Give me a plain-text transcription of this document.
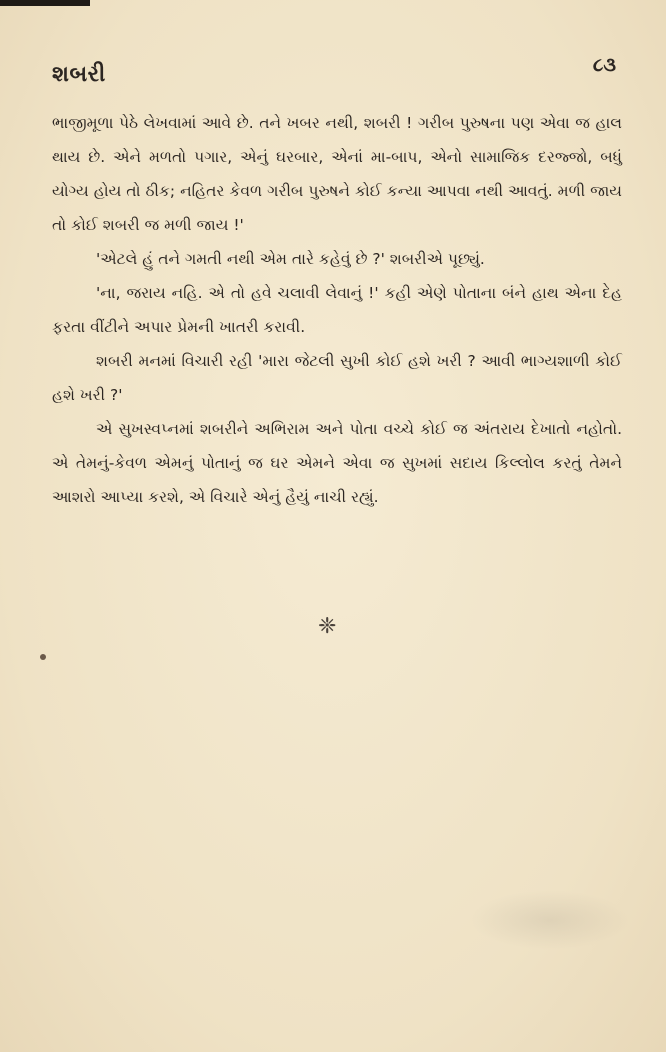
શબરી	૮૩

ભાજીમૂળા પેઠે લેખવામાં આવે છે. તને ખબર નથી, શબરી ! ગરીબ પુરુષના પણ એવા જ હાલ થાય છે. એને મળતો પગાર, એનું ઘરબાર, એનાં મા-બાપ, એનો સામાજિક દરજ્જો, બધું યોગ્ય હોય તો ઠીક; નહિતર કેવળ ગરીબ પુરુષને કોઈ કન્યા આપવા નથી આવતું. મળી જાય તો કોઈ શબરી જ મળી જાય !'

'એટલે હું તને ગમતી નથી એમ તારે કહેવું છે ?' શબરીએ પૂછ્યું.

'ના, જરાય નહિ. એ તો હવે ચલાવી લેવાનું !' કહી એણે પોતાના બંને હાથ એના દેહ ફરતા વીંટીને અપાર પ્રેમની ખાતરી કરાવી.

શબરી મનમાં વિચારી રહી 'મારા જેટલી સુખી કોઈ હશે ખરી ? આવી ભાગ્યશાળી કોઈ હશે ખરી ?'

એ સુખસ્વપ્નમાં શબરીને અભિરામ અને પોતા વચ્ચે કોઈ જ અંતરાય દેખાતો નહોતો. એ તેમનું-કેવળ એમનું પોતાનું જ ઘર એમને એવા જ સુખમાં સદાય કિલ્લોલ કરતું તેમને આશરો આપ્યા કરશે, એ વિચારે એનું હૈયું નાચી રહ્યું.

❈
